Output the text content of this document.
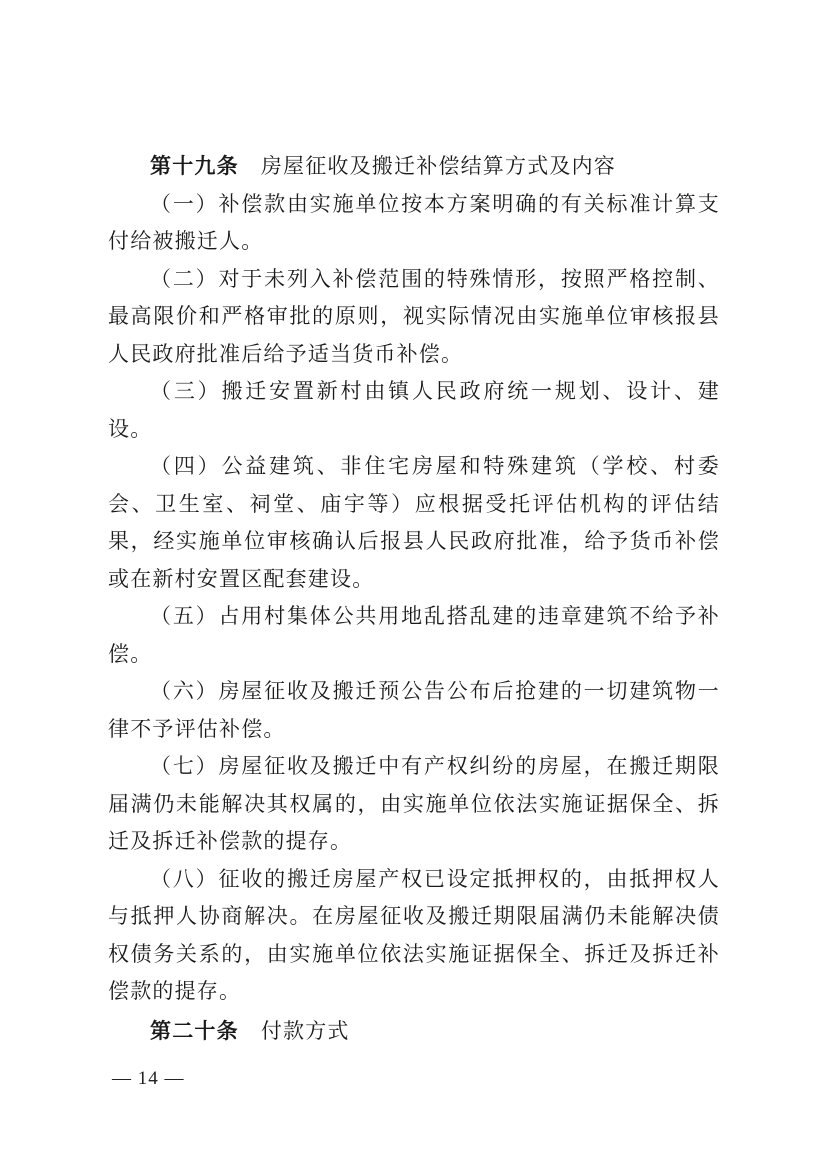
第十九条 房屋征收及搬迁补偿结算方式及内容

（一）补偿款由实施单位按本方案明确的有关标准计算支付给被搬迁人。

（二）对于未列入补偿范围的特殊情形，按照严格控制、最高限价和严格审批的原则，视实际情况由实施单位审核报县人民政府批准后给予适当货币补偿。

（三）搬迁安置新村由镇人民政府统一规划、设计、建设。

（四）公益建筑、非住宅房屋和特殊建筑（学校、村委会、卫生室、祠堂、庙宇等）应根据受托评估机构的评估结果，经实施单位审核确认后报县人民政府批准，给予货币补偿或在新村安置区配套建设。

（五）占用村集体公共用地乱搭乱建的违章建筑不给予补偿。

（六）房屋征收及搬迁预公告公布后抢建的一切建筑物一律不予评估补偿。

（七）房屋征收及搬迁中有产权纠纷的房屋，在搬迁期限届满仍未能解决其权属的，由实施单位依法实施证据保全、拆迁及拆迁补偿款的提存。

（八）征收的搬迁房屋产权已设定抵押权的，由抵押权人与抵押人协商解决。在房屋征收及搬迁期限届满仍未能解决债权债务关系的，由实施单位依法实施证据保全、拆迁及拆迁补偿款的提存。

第二十条 付款方式

— 14 —
